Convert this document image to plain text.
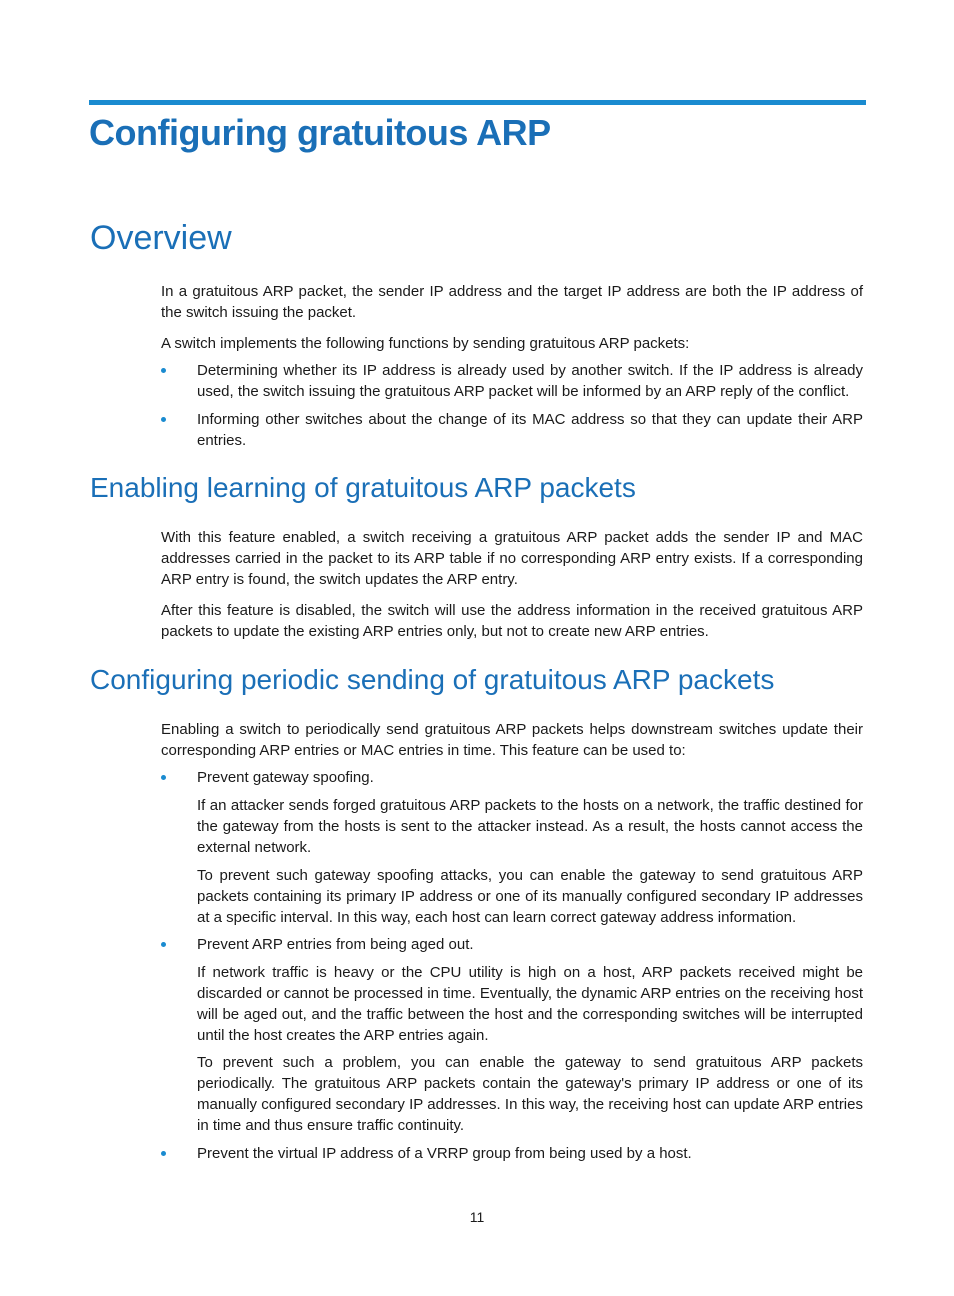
Configuring gratuitous ARP
Overview

In a gratuitous ARP packet, the sender IP address and the target IP address are both the IP address of the switch issuing the packet.

A switch implements the following functions by sending gratuitous ARP packets:

Determining whether its IP address is already used by another switch. If the IP address is already used, the switch issuing the gratuitous ARP packet will be informed by an ARP reply of the conflict.
Informing other switches about the change of its MAC address so that they can update their ARP entries.
Enabling learning of gratuitous ARP packets

With this feature enabled, a switch receiving a gratuitous ARP packet adds the sender IP and MAC addresses carried in the packet to its ARP table if no corresponding ARP entry exists. If a corresponding ARP entry is found, the switch updates the ARP entry.

After this feature is disabled, the switch will use the address information in the received gratuitous ARP packets to update the existing ARP entries only, but not to create new ARP entries.

Configuring periodic sending of gratuitous ARP packets

Enabling a switch to periodically send gratuitous ARP packets helps downstream switches update their corresponding ARP entries or MAC entries in time. This feature can be used to:

Prevent gateway spoofing.

If an attacker sends forged gratuitous ARP packets to the hosts on a network, the traffic destined for the gateway from the hosts is sent to the attacker instead. As a result, the hosts cannot access the external network.

To prevent such gateway spoofing attacks, you can enable the gateway to send gratuitous ARP packets containing its primary IP address or one of its manually configured secondary IP addresses at a specific interval. In this way, each host can learn correct gateway address information.

Prevent ARP entries from being aged out.

If network traffic is heavy or the CPU utility is high on a host, ARP packets received might be discarded or cannot be processed in time. Eventually, the dynamic ARP entries on the receiving host will be aged out, and the traffic between the host and the corresponding switches will be interrupted until the host creates the ARP entries again.

To prevent such a problem, you can enable the gateway to send gratuitous ARP packets periodically. The gratuitous ARP packets contain the gateway's primary IP address or one of its manually configured secondary IP addresses. In this way, the receiving host can update ARP entries in time and thus ensure traffic continuity.

Prevent the virtual IP address of a VRRP group from being used by a host.
11
